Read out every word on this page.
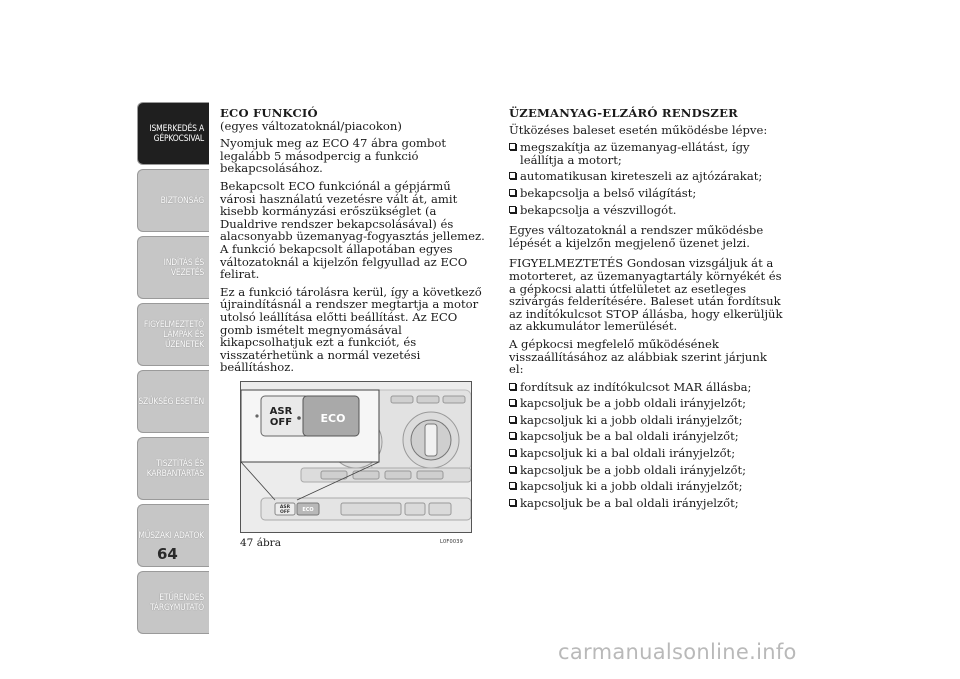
ISMERKEDÉS A
GÉPKOCSIVAL
BIZTONSÁG
INDÍTÁS ÉS
VEZETÉS
FIGYELMEZTETŐ
LÁMPÁK ÉS
ÜZENETEK
SZÜKSÉG ESETÉN
TISZTÍTÁS ÉS
KARBANTARTÁS
MŰSZAKI ADATOK
ETŰRENDES
TÁRGYMUTATÓ
64
ECO FUNKCIÓ
(egyes változatoknál/piacokon)

Nyomjuk meg az ECO 47 ábra gombot legalább 5 másodpercig a funkció bekapcsolásához.

Bekapcsolt ECO funkciónál a gépjármű városi használatú vezetésre vált át, amit kisebb kormányzási erőszükséglet (a Dualdrive rendszer bekapcsolásával) és alacsonyabb üzemanyag-fogyasztás jellemez. A funkció bekapcsolt állapotában egyes változatoknál a kijelzőn felgyullad az ECO felirat.

Ez a funkció tárolásra kerül, így a következő újraindításnál a rendszer megtartja a motor utolsó leállítása előtti beállítást. Az ECO gomb ismételt megnyomásával kikapcsolhatjuk ezt a funkciót, és visszatérhetünk a normál vezetési beállításhoz.

ASR
OFF ECO
ASR
OFF	ECO
47 ábra	L0F0039
ÜZEMANYAG-ELZÁRÓ RENDSZER

Ütközéses baleset esetén működésbe lépve:

megszakítja az üzemanyag-ellátást, így leállítja a motort;
automatikusan kireteszeli az ajtózárakat;
bekapcsolja a belső világítást;
bekapcsolja a vészvillogót.

Egyes változatoknál a rendszer működésbe lépését a kijelzőn megjelenő üzenet jelzi.

FIGYELMEZTETÉS Gondosan vizsgáljuk át a motorteret, az üzemanyagtartály környékét és a gépkocsi alatti útfelületet az esetleges szivárgás felderítésére. Baleset után fordítsuk az indítókulcsot STOP állásba, hogy elkerüljük az akkumulátor lemerülését.

A gépkocsi megfelelő működésének visszaállításához az alábbiak szerint járjunk el:

fordítsuk az indítókulcsot MAR állásba;
kapcsoljuk be a jobb oldali irányjelzőt;
kapcsoljuk ki a jobb oldali irányjelzőt;
kapcsoljuk be a bal oldali irányjelzőt;
kapcsoljuk ki a bal oldali irányjelzőt;
kapcsoljuk be a jobb oldali irányjelzőt;
kapcsoljuk ki a jobb oldali irányjelzőt;
kapcsoljuk be a bal oldali irányjelzőt;
carmanualsonline.info
